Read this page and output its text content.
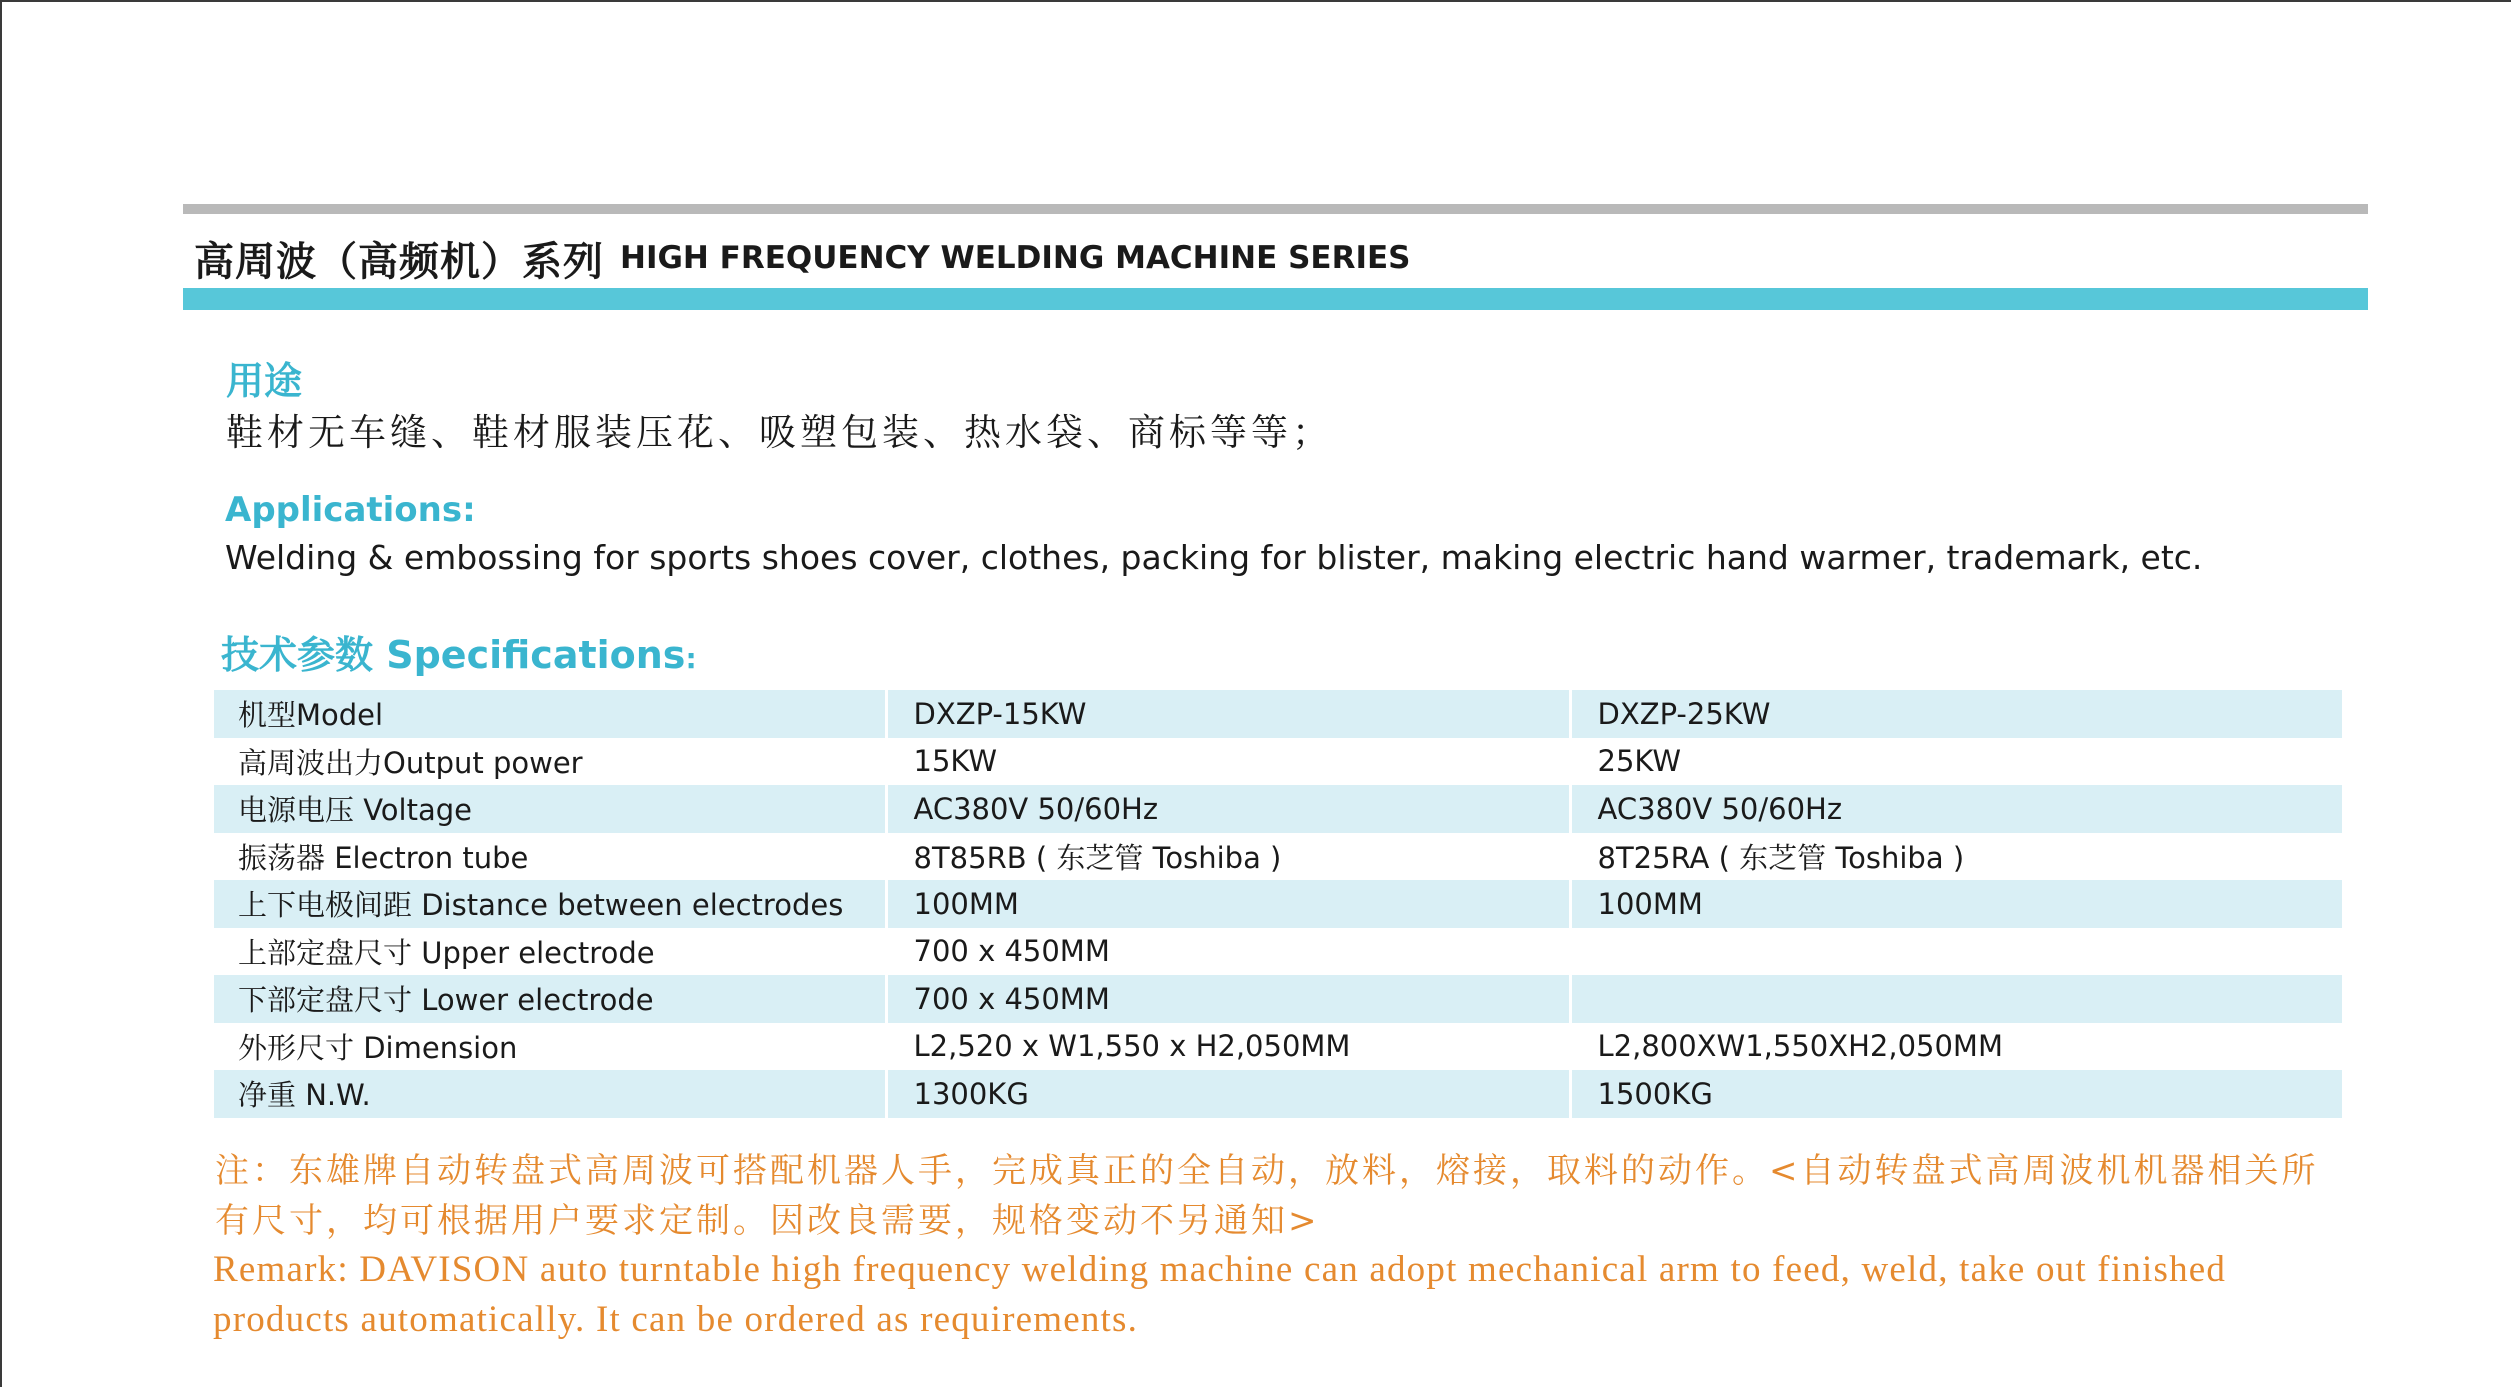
高周波（高频机）系列 HIGH FREQUENCY WELDING MACHINE SERIES
用途
鞋材无车缝、鞋材服装压花、吸塑包装、热水袋、商标等等；
Applications:
Welding & embossing for sports shoes cover, clothes, packing for blister, making electric hand warmer, trademark, etc.
技术参数 Specifications:
机型Model	DXZP-15KW	DXZP-25KW
高周波出力Output power	15KW	25KW
电源电压 Voltage	AC380V 50/60Hz	AC380V 50/60Hz
振荡器 Electron tube	8T85RB ( 东芝管 Toshiba )	8T25RA ( 东芝管 Toshiba )
上下电极间距 Distance between electrodes	100MM	100MM
上部定盘尺寸 Upper electrode	700 x 450MM	
下部定盘尺寸 Lower electrode	700 x 450MM	
外形尺寸 Dimension	L2,520 x W1,550 x H2,050MM	L2,800XW1,550XH2,050MM
净重 N.W.	1300KG	1500KG
注：东雄牌自动转盘式高周波可搭配机器人手，完成真正的全自动，放料，熔接，取料的动作。<自动转盘式高周波机机器相关所有尺寸，均可根据用户要求定制。因改良需要，规格变动不另通知>
Remark: DAVISON auto turntable high frequency welding machine can adopt mechanical arm to feed, weld, take out finished products automatically. It can be ordered as requirements.
